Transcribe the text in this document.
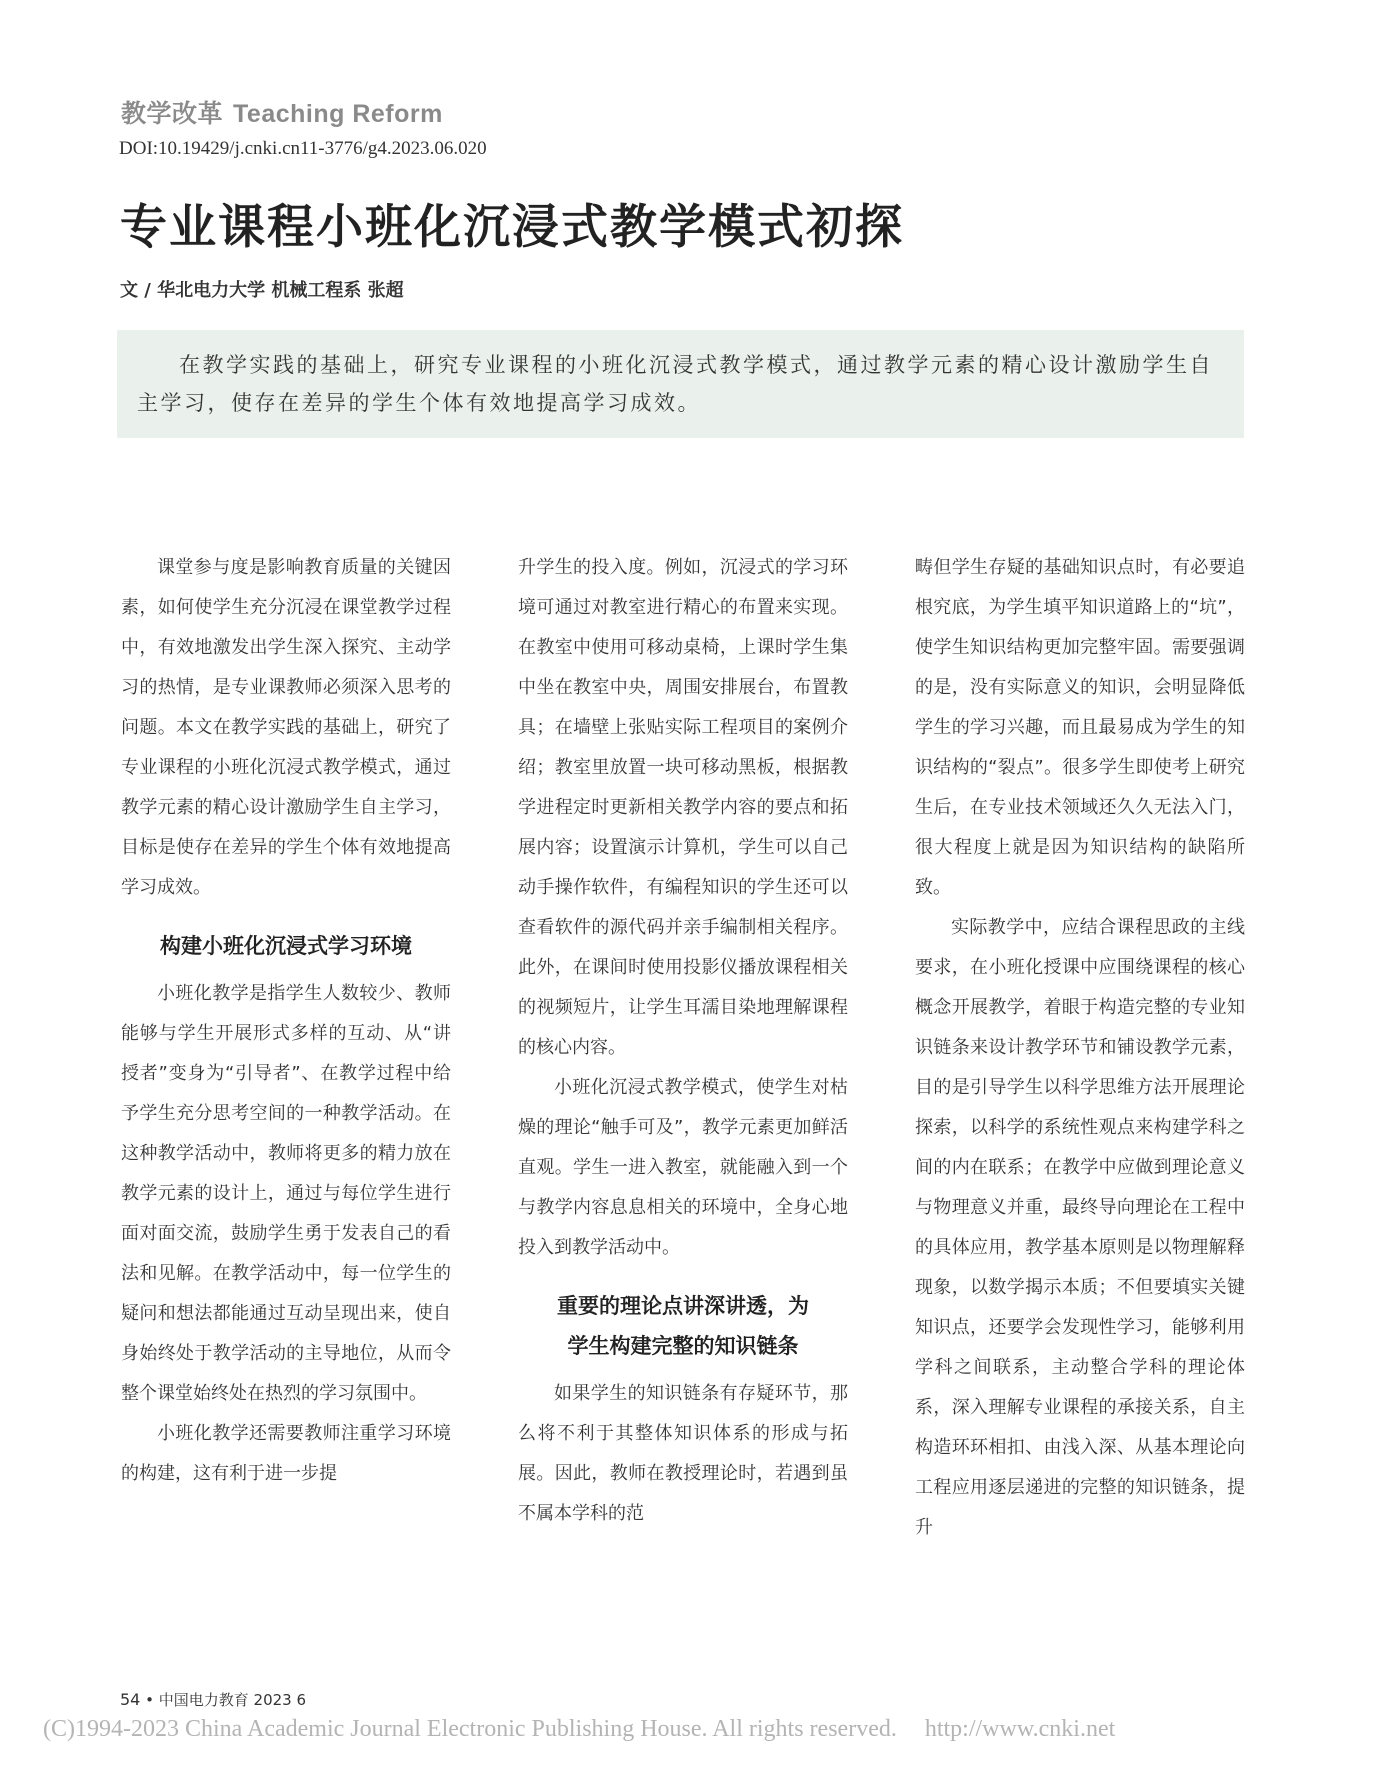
教学改革 Teaching Reform
DOI:10.19429/j.cnki.cn11-3776/g4.2023.06.020
专业课程小班化沉浸式教学模式初探
文 / 华北电力大学 机械工程系 张超

在教学实践的基础上，研究专业课程的小班化沉浸式教学模式，通过教学元素的精心设计激励学生自主学习，使存在差异的学生个体有效地提高学习成效。

课堂参与度是影响教育质量的关键因素，如何使学生充分沉浸在课堂教学过程中，有效地激发出学生深入探究、主动学习的热情，是专业课教师必须深入思考的问题。本文在教学实践的基础上，研究了专业课程的小班化沉浸式教学模式，通过教学元素的精心设计激励学生自主学习，目标是使存在差异的学生个体有效地提高学习成效。

构建小班化沉浸式学习环境

小班化教学是指学生人数较少、教师能够与学生开展形式多样的互动、从“讲授者”变身为“引导者”、在教学过程中给予学生充分思考空间的一种教学活动。在这种教学活动中，教师将更多的精力放在教学元素的设计上，通过与每位学生进行面对面交流，鼓励学生勇于发表自己的看法和见解。在教学活动中，每一位学生的疑问和想法都能通过互动呈现出来，使自身始终处于教学活动的主导地位，从而令整个课堂始终处在热烈的学习氛围中。

小班化教学还需要教师注重学习环境的构建，这有利于进一步提

升学生的投入度。例如，沉浸式的学习环境可通过对教室进行精心的布置来实现。在教室中使用可移动桌椅，上课时学生集中坐在教室中央，周围安排展台，布置教具；在墙壁上张贴实际工程项目的案例介绍；教室里放置一块可移动黑板，根据教学进程定时更新相关教学内容的要点和拓展内容；设置演示计算机，学生可以自己动手操作软件，有编程知识的学生还可以查看软件的源代码并亲手编制相关程序。此外，在课间时使用投影仪播放课程相关的视频短片，让学生耳濡目染地理解课程的核心内容。

小班化沉浸式教学模式，使学生对枯燥的理论“触手可及”，教学元素更加鲜活直观。学生一进入教室，就能融入到一个与教学内容息息相关的环境中，全身心地投入到教学活动中。

重要的理论点讲深讲透，为
学生构建完整的知识链条

如果学生的知识链条有存疑环节，那么将不利于其整体知识体系的形成与拓展。因此，教师在教授理论时，若遇到虽不属本学科的范

畴但学生存疑的基础知识点时，有必要追根究底，为学生填平知识道路上的“坑”，使学生知识结构更加完整牢固。需要强调的是，没有实际意义的知识，会明显降低学生的学习兴趣，而且最易成为学生的知识结构的“裂点”。很多学生即使考上研究生后，在专业技术领域还久久无法入门，很大程度上就是因为知识结构的缺陷所致。

实际教学中，应结合课程思政的主线要求，在小班化授课中应围绕课程的核心概念开展教学，着眼于构造完整的专业知识链条来设计教学环节和铺设教学元素，目的是引导学生以科学思维方法开展理论探索，以科学的系统性观点来构建学科之间的内在联系；在教学中应做到理论意义与物理意义并重，最终导向理论在工程中的具体应用，教学基本原则是以物理解释现象，以数学揭示本质；不但要填实关键知识点，还要学会发现性学习，能够利用学科之间联系，主动整合学科的理论体系，深入理解专业课程的承接关系，自主构造环环相扣、由浅入深、从基本理论向工程应用逐层递进的完整的知识链条，提升

54 • 中国电力教育 2023 6
(C)1994-2023 China Academic Journal Electronic Publishing House. All rights reserved. http://www.cnki.net
